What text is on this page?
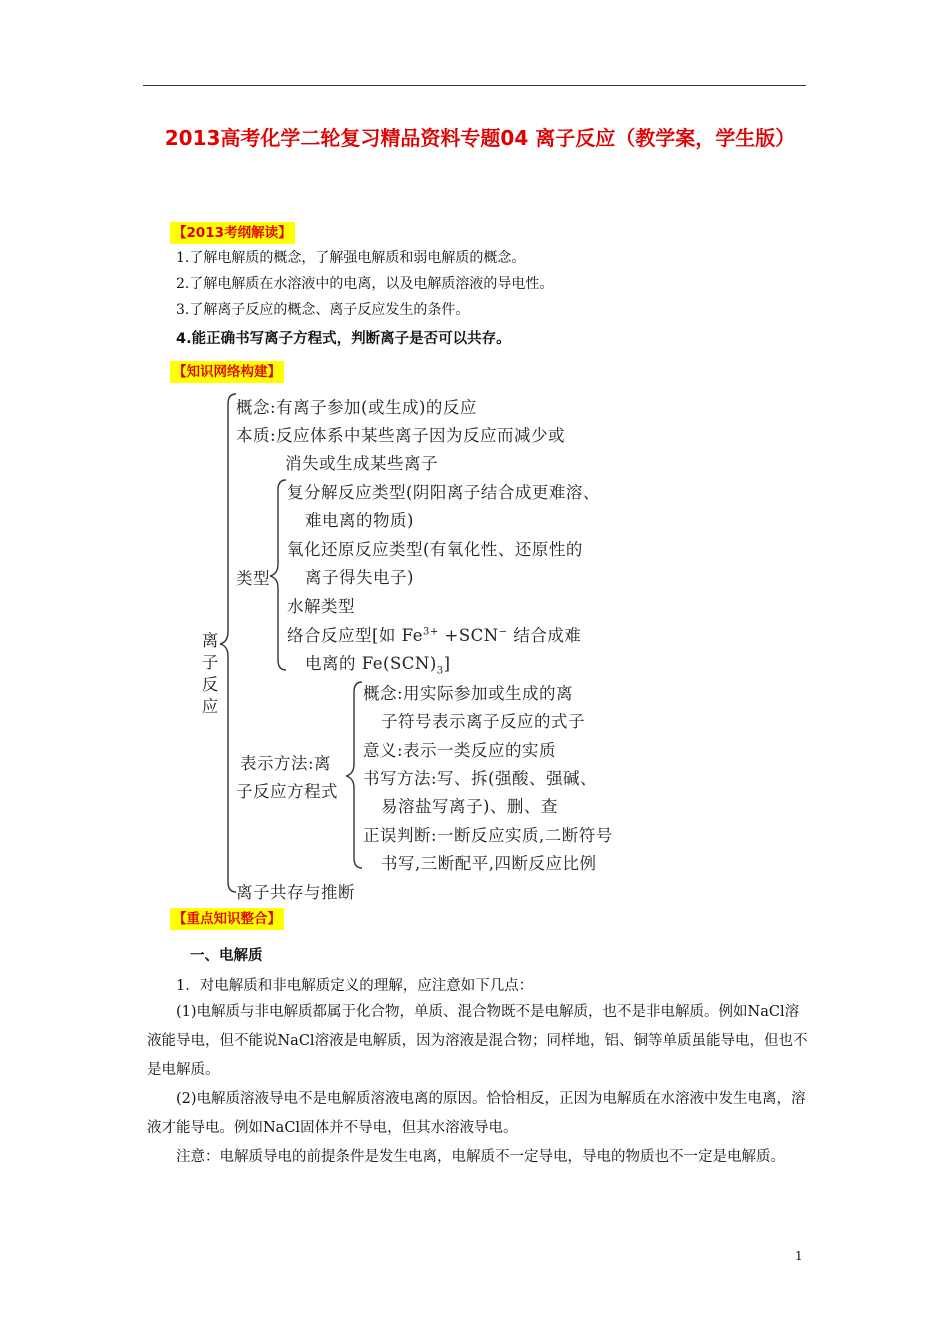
2013高考化学二轮复习精品资料专题04 离子反应（教学案，学生版）
【2013考纲解读】
1.了解电解质的概念，了解强电解质和弱电解质的概念。
2.了解电解质在水溶液中的电离，以及电解质溶液的导电性。
3.了解离子反应的概念、离子反应发生的条件。
4.能正确书写离子方程式，判断离子是否可以共存。
【知识网络构建】
离子反应
概念:有离子参加(或生成)的反应
本质:反应体系中某些离子因为反应而减少或
消失或生成某些离子
类型
复分解反应类型(阴阳离子结合成更难溶、
难电离的物质)
氧化还原反应类型(有氧化性、还原性的
离子得失电子)
水解类型
络合反应型[如 $Fe^{3+} +SCN^-$ 结合成难
电离的 $Fe(SCN)_3$]
表示方法:离
子反应方程式
概念:用实际参加或生成的离
子符号表示离子反应的式子
意义:表示一类反应的实质
书写方法:写、拆(强酸、强碱、
易溶盐写离子)、删、查
正误判断:一断反应实质,二断符号
书写,三断配平,四断反应比例
离子共存与推断
【重点知识整合】
一、电解质
1．对电解质和非电解质定义的理解，应注意如下几点：
(1)电解质与非电解质都属于化合物，单质、混合物既不是电解质，也不是非电解质。例如NaCl溶液能导电，但不能说NaCl溶液是电解质，因为溶液是混合物；同样地，铝、铜等单质虽能导电，但也不是电解质。
(2)电解质溶液导电不是电解质溶液电离的原因。恰恰相反，正因为电解质在水溶液中发生电离，溶液才能导电。例如NaCl固体并不导电，但其水溶液导电。
注意：电解质导电的前提条件是发生电离，电解质不一定导电，导电的物质也不一定是电解质。
1
